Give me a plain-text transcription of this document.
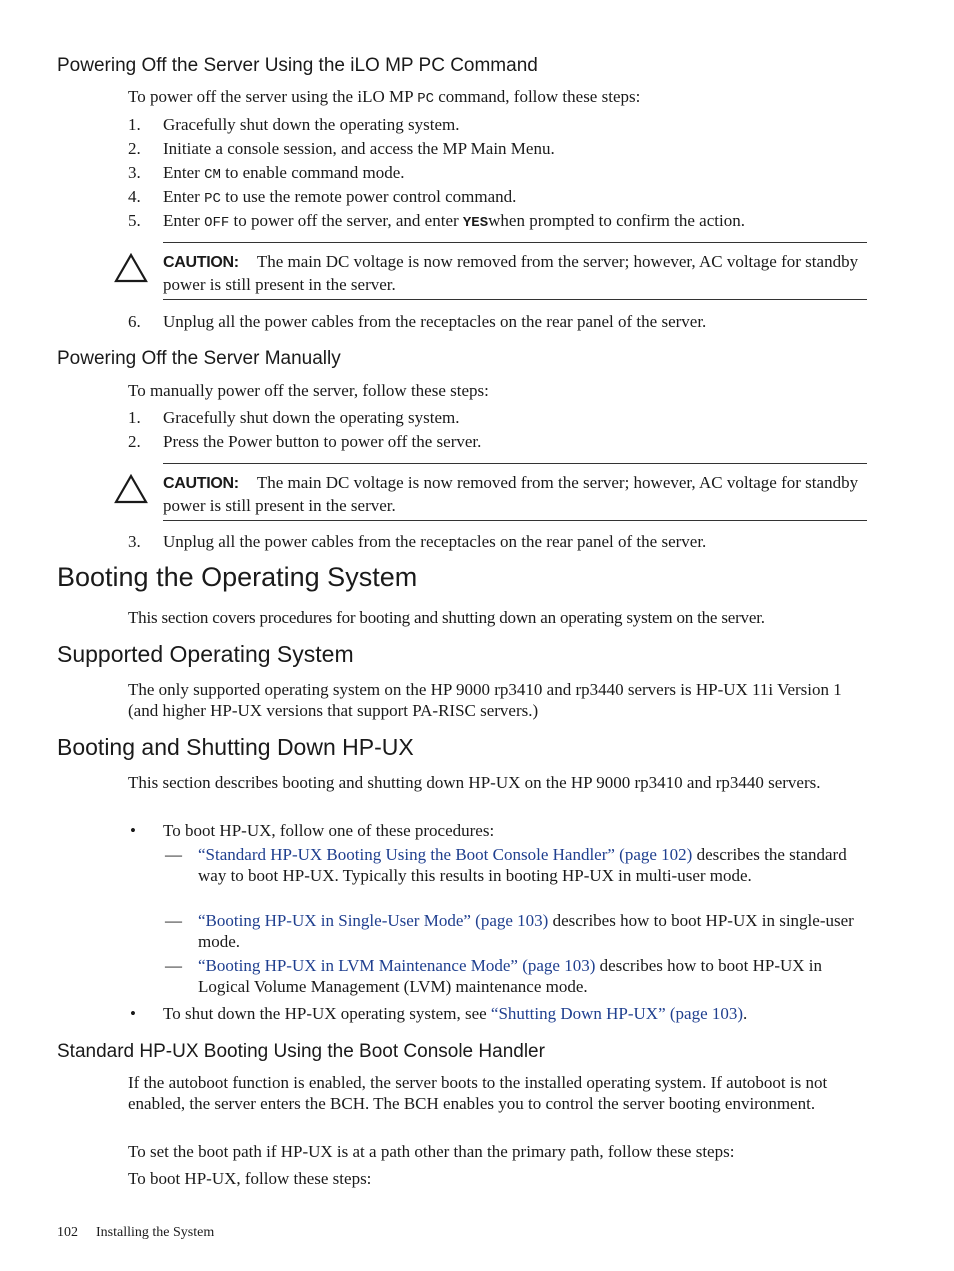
Powering Off the Server Using the iLO MP PC Command
To power off the server using the iLO MP PC command, follow these steps:
1.	Gracefully shut down the operating system.
2.	Initiate a console session, and access the MP Main Menu.
3.	Enter CM to enable command mode.
4.	Enter PC to use the remote power control command.
5.	Enter OFF to power off the server, and enter YESwhen prompted to confirm the action.
CAUTION: The main DC voltage is now removed from the server; however, AC voltage for standby power is still present in the server.
6.	Unplug all the power cables from the receptacles on the rear panel of the server.
Powering Off the Server Manually
To manually power off the server, follow these steps:
1.	Gracefully shut down the operating system.
2.	Press the Power button to power off the server.
CAUTION: The main DC voltage is now removed from the server; however, AC voltage for standby power is still present in the server.
3.	Unplug all the power cables from the receptacles on the rear panel of the server.
Booting the Operating System
This section covers procedures for booting and shutting down an operating system on the server.
Supported Operating System
The only supported operating system on the HP 9000 rp3410 and rp3440 servers is HP-UX 11i Version 1 (and higher HP-UX versions that support PA-RISC servers.)
Booting and Shutting Down HP-UX
This section describes booting and shutting down HP-UX on the HP 9000 rp3410 and rp3440 servers.
•	To boot HP-UX, follow one of these procedures:
— “Standard HP-UX Booting Using the Boot Console Handler” (page 102) describes the standard way to boot HP-UX. Typically this results in booting HP-UX in multi-user mode.
— “Booting HP-UX in Single-User Mode” (page 103) describes how to boot HP-UX in single-user mode.
— “Booting HP-UX in LVM Maintenance Mode” (page 103) describes how to boot HP-UX in Logical Volume Management (LVM) maintenance mode.
•	To shut down the HP-UX operating system, see “Shutting Down HP-UX” (page 103).
Standard HP-UX Booting Using the Boot Console Handler
If the autoboot function is enabled, the server boots to the installed operating system. If autoboot is not enabled, the server enters the BCH. The BCH enables you to control the server booting environment.
To set the boot path if HP-UX is at a path other than the primary path, follow these steps:
To boot HP-UX, follow these steps:
102 Installing the System
